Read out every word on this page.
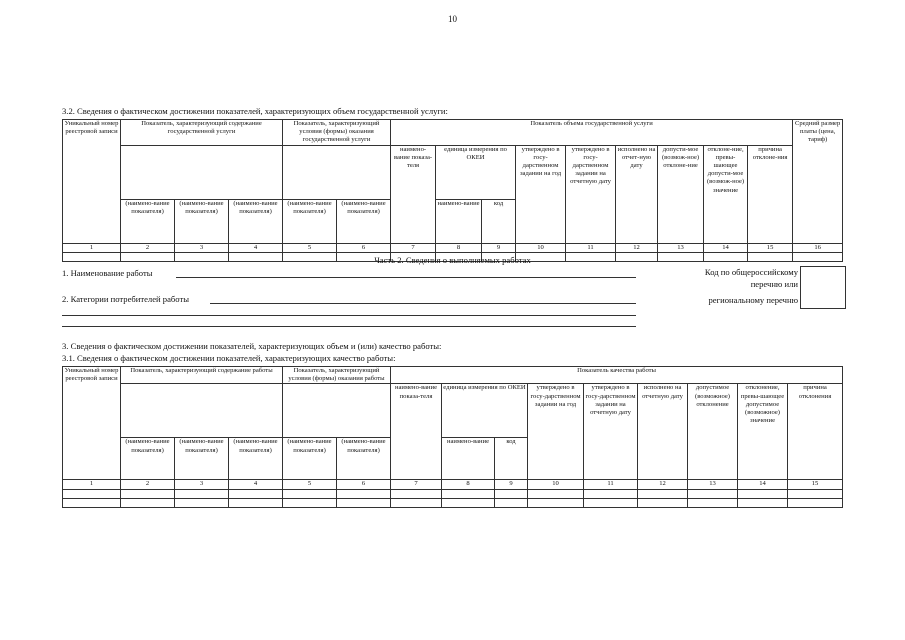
10
3.2. Сведения о фактическом достижении показателей, характеризующих объем государственной услуги:
Уникальный номер реестровой записи	Показатель, характеризующий содержание государственной услуги			Показатель, характеризующий условия (формы) оказания государственной услуги		Показатель объема государственной услуги									Средний размер платы (цена, тариф)
						наимено-вание показа-теля	единица измерения по ОКЕИ		утверждено в госу-дарственном задании на год	утверждено в госу-дарственном задании на отчетную дату	исполнено на отчет-ную дату	допусти-мое (возмож-ное) отклоне-ние	отклоне-ние, превы-шающее допусти-мое (возмож-ное) значение	причина отклоне-ния	
	(наимено-вание показателя)	(наимено-вание показателя)	(наимено-вание показателя)	(наимено-вание показателя)	(наимено-вание показателя)		наимено-вание	код							
1	2	3	4	5	6	7	8	9	10	11	12	13	14	15	16

Часть 2. Сведения о выполняемых работах
1. Наименование работы
2. Категории потребителей работы
Код по общероссийскому
перечню или
региональному перечню
3. Сведения о фактическом достижении показателей, характеризующих объем и (или) качество работы:
3.1. Сведения о фактическом достижении показателей, характеризующих качество работы:
Уникальный номер реестровой записи	Показатель, характеризующий содержание работы			Показатель, характеризующий условия (формы) оказания работы		Показатель качества работы								
						наимено-вание показа-теля	единица измерения по ОКЕИ		утверждено в госу-дарственном задании на год	утверждено в госу-дарственном задании на отчетную дату	исполнено на отчетную дату	допустимое (возможное) отклонение	отклонение, превы-шающее допустимое (возможное) значение	причина отклонения
	(наимено-вание показателя)	(наимено-вание показателя)	(наимено-вание показателя)	(наимено-вание показателя)	(наимено-вание показателя)		наимено-вание	код						
1	2	3	4	5	6	7	8	9	10	11	12	13	14	15
